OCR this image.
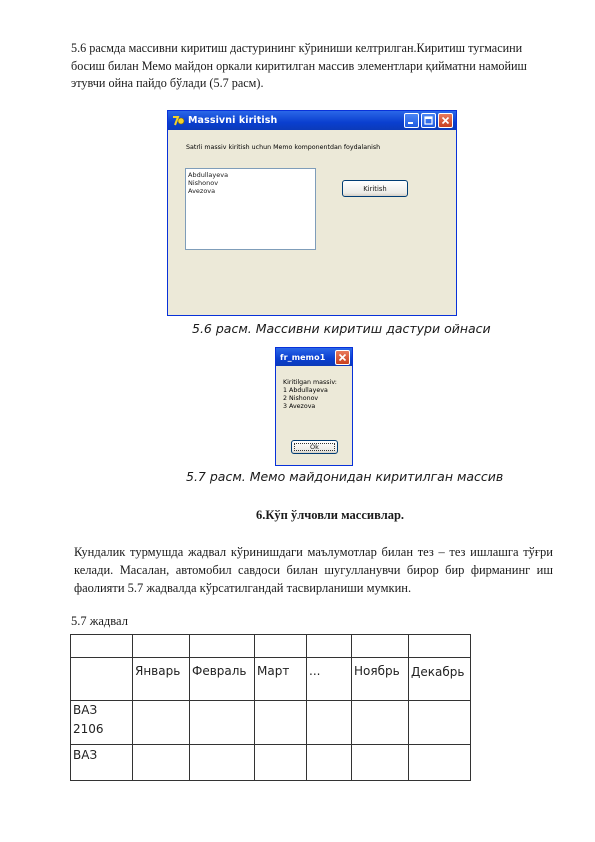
5.6 расмда массивни киритиш дастурининг кўриниши келтрилган.Киритиш тугмасини босиш билан Мемо майдон оркали киритилган массив элементлари қийматни намойиш этувчи ойна пайдо бўлади (5.7 расм).
Massivni kiritish
Satrli massiv kiritish uchun Memo komponentdan foydalanish
Abdullayeva
Nishonov
Avezova	Kiritish
5.6 расм. Массивни киритиш дастури ойнаси
fr_memo1
Kiritilgan massiv:
1 Abdullayeva
2 Nishonov
3 Avezova
Ok
5.7 расм. Мемо майдонидан киритилган массив
6.Кўп ўлчовли массивлар.
Кундалик турмушда жадвал кўринишдаги маълумотлар билан тез – тез ишлашга тўғри келади. Масалан, автомобил савдоси билан шугулланувчи бирор бир фирманинг иш фаолияти 5.7 жадвалда кўрсатилгандай тасвирланиши мумкин.
5.7 жадвал

	Январь	Февраль	Март	...	Ноябрь	Декабрь
ВАЗ 2106						
ВАЗ						
